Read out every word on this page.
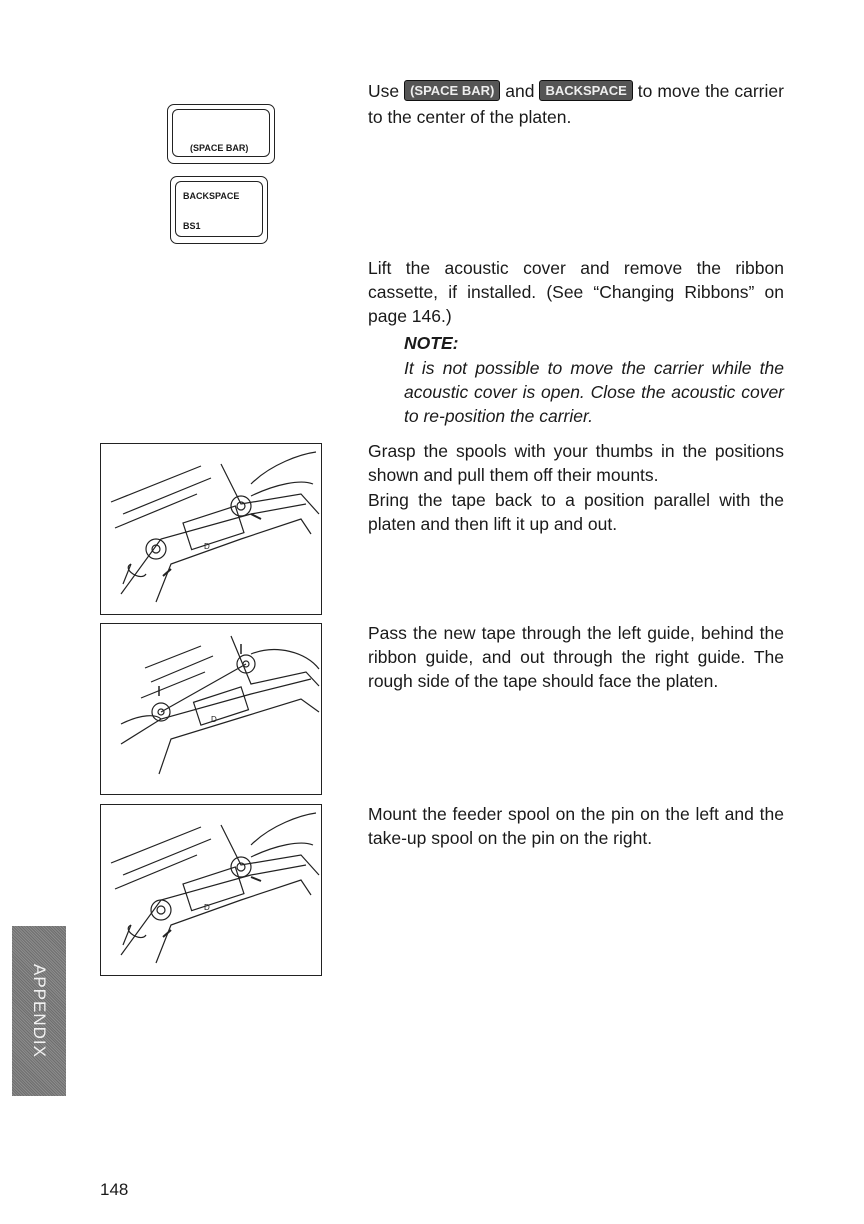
Use (SPACE BAR) and BACKSPACE to move the carrier to the center of the platen.
(SPACE BAR)
BACKSPACE
BS1
Lift the acoustic cover and remove the ribbon cassette, if installed. (See “Changing Ribbons” on page 146.)
NOTE:
It is not possible to move the carrier while the acoustic cover is open. Close the acoustic cover to re-position the carrier.
Grasp the spools with your thumbs in the positions shown and pull them off their mounts.
Bring the tape back to a position parallel with the platen and then lift it up and out.
Pass the new tape through the left guide, behind the ribbon guide, and out through the right guide. The rough side of the tape should face the platen.
Mount the feeder spool on the pin on the left and the take-up spool on the pin on the right.
D
D
D
APPENDIX
148
